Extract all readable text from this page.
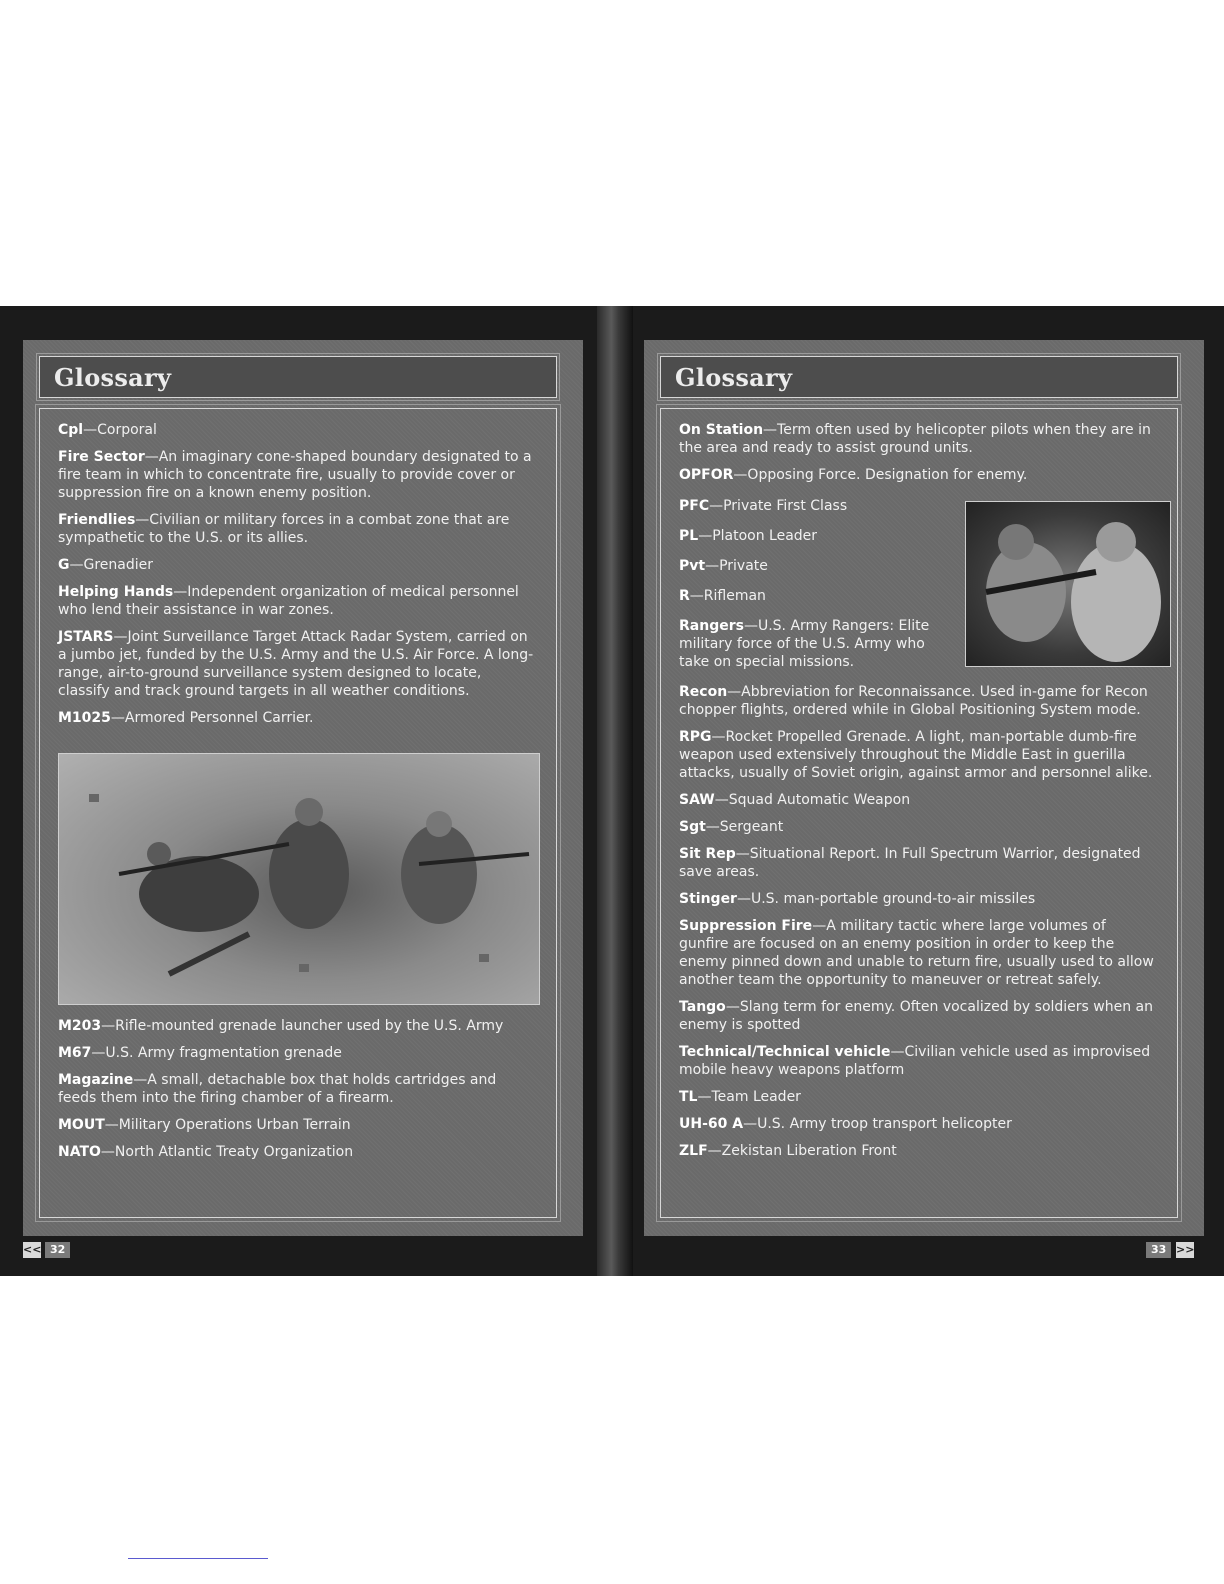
Glossary

Cpl—Corporal

Fire Sector—An imaginary cone-shaped boundary designated to a fire team in which to concentrate fire, usually to provide cover or suppression fire on a known enemy position.

Friendlies—Civilian or military forces in a combat zone that are sympathetic to the U.S. or its allies.

G—Grenadier

Helping Hands—Independent organization of medical personnel who lend their assistance in war zones.

JSTARS—Joint Surveillance Target Attack Radar System, carried on a jumbo jet, funded by the U.S. Army and the U.S. Air Force. A long-range, air-to-ground surveillance system designed to locate, classify and track ground targets in all weather conditions.

M1025—Armored Personnel Carrier.

M203—Rifle-mounted grenade launcher used by the U.S. Army

M67—U.S. Army fragmentation grenade

Magazine—A small, detachable box that holds cartridges and feeds them into the firing chamber of a firearm.

MOUT—Military Operations Urban Terrain

NATO—North Atlantic Treaty Organization

<< 32
Glossary

On Station—Term often used by helicopter pilots when they are in the area and ready to assist ground units.

OPFOR—Opposing Force. Designation for enemy.

PFC—Private First Class

PL—Platoon Leader

Pvt—Private

R—Rifleman

Rangers—U.S. Army Rangers: Elite military force of the U.S. Army who take on special missions.

Recon—Abbreviation for Reconnaissance. Used in-game for Recon chopper flights, ordered while in Global Positioning System mode.

RPG—Rocket Propelled Grenade. A light, man-portable dumb-fire weapon used extensively throughout the Middle East in guerilla attacks, usually of Soviet origin, against armor and personnel alike.

SAW—Squad Automatic Weapon

Sgt—Sergeant

Sit Rep—Situational Report. In Full Spectrum Warrior, designated save areas.

Stinger—U.S. man-portable ground-to-air missiles

Suppression Fire—A military tactic where large volumes of gunfire are focused on an enemy position in order to keep the enemy pinned down and unable to return fire, usually used to allow another team the opportunity to maneuver or retreat safely.

Tango—Slang term for enemy. Often vocalized by soldiers when an enemy is spotted

Technical/Technical vehicle—Civilian vehicle used as improvised mobile heavy weapons platform

TL—Team Leader

UH-60 A—U.S. Army troop transport helicopter

ZLF—Zekistan Liberation Front

33 >>
